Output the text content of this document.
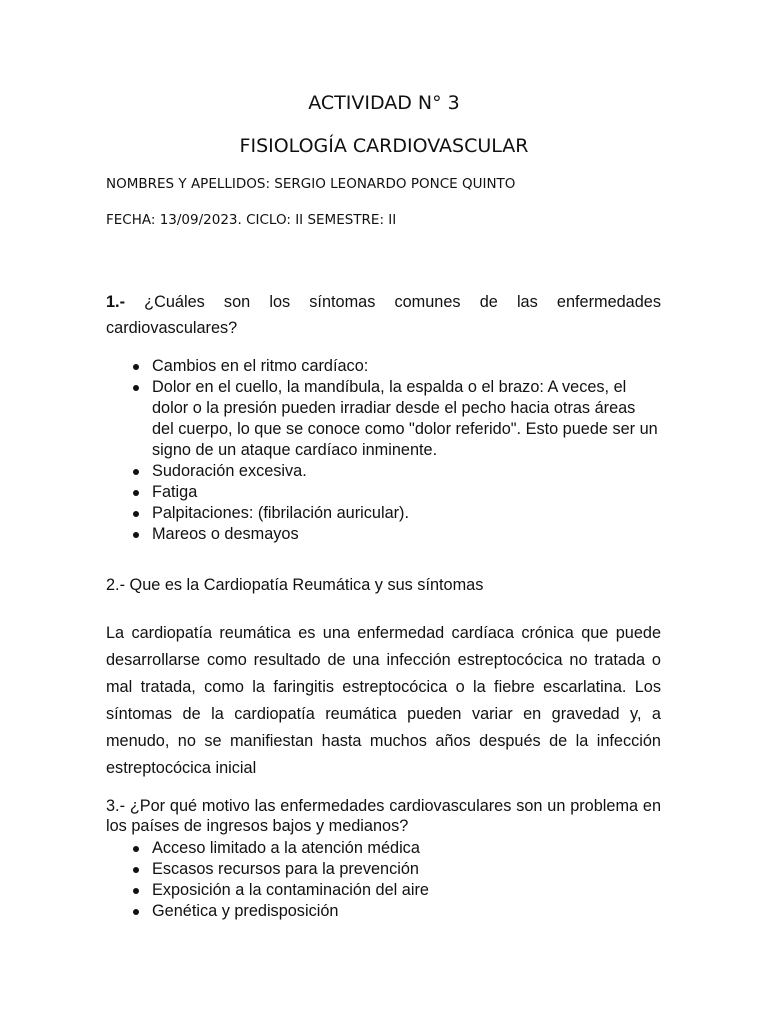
ACTIVIDAD N° 3
FISIOLOGÍA CARDIOVASCULAR
NOMBRES Y APELLIDOS: SERGIO LEONARDO PONCE QUINTO
FECHA: 13/09/2023. CICLO: II SEMESTRE: II
1.- ¿Cuáles son los síntomas comunes de las enfermedades cardiovasculares?
Cambios en el ritmo cardíaco:
Dolor en el cuello, la mandíbula, la espalda o el brazo: A veces, el dolor o la presión pueden irradiar desde el pecho hacia otras áreas del cuerpo, lo que se conoce como "dolor referido". Esto puede ser un signo de un ataque cardíaco inminente.
Sudoración excesiva.
Fatiga
Palpitaciones: (fibrilación auricular).
Mareos o desmayos
2.- Que es la Cardiopatía Reumática y sus síntomas
La cardiopatía reumática es una enfermedad cardíaca crónica que puede desarrollarse como resultado de una infección estreptocócica no tratada o mal tratada, como la faringitis estreptocócica o la fiebre escarlatina. Los síntomas de la cardiopatía reumática pueden variar en gravedad y, a menudo, no se manifiestan hasta muchos años después de la infección estreptocócica inicial
3.- ¿Por qué motivo las enfermedades cardiovasculares son un problema en los países de ingresos bajos y medianos?
Acceso limitado a la atención médica
Escasos recursos para la prevención
Exposición a la contaminación del aire
Genética y predisposición
